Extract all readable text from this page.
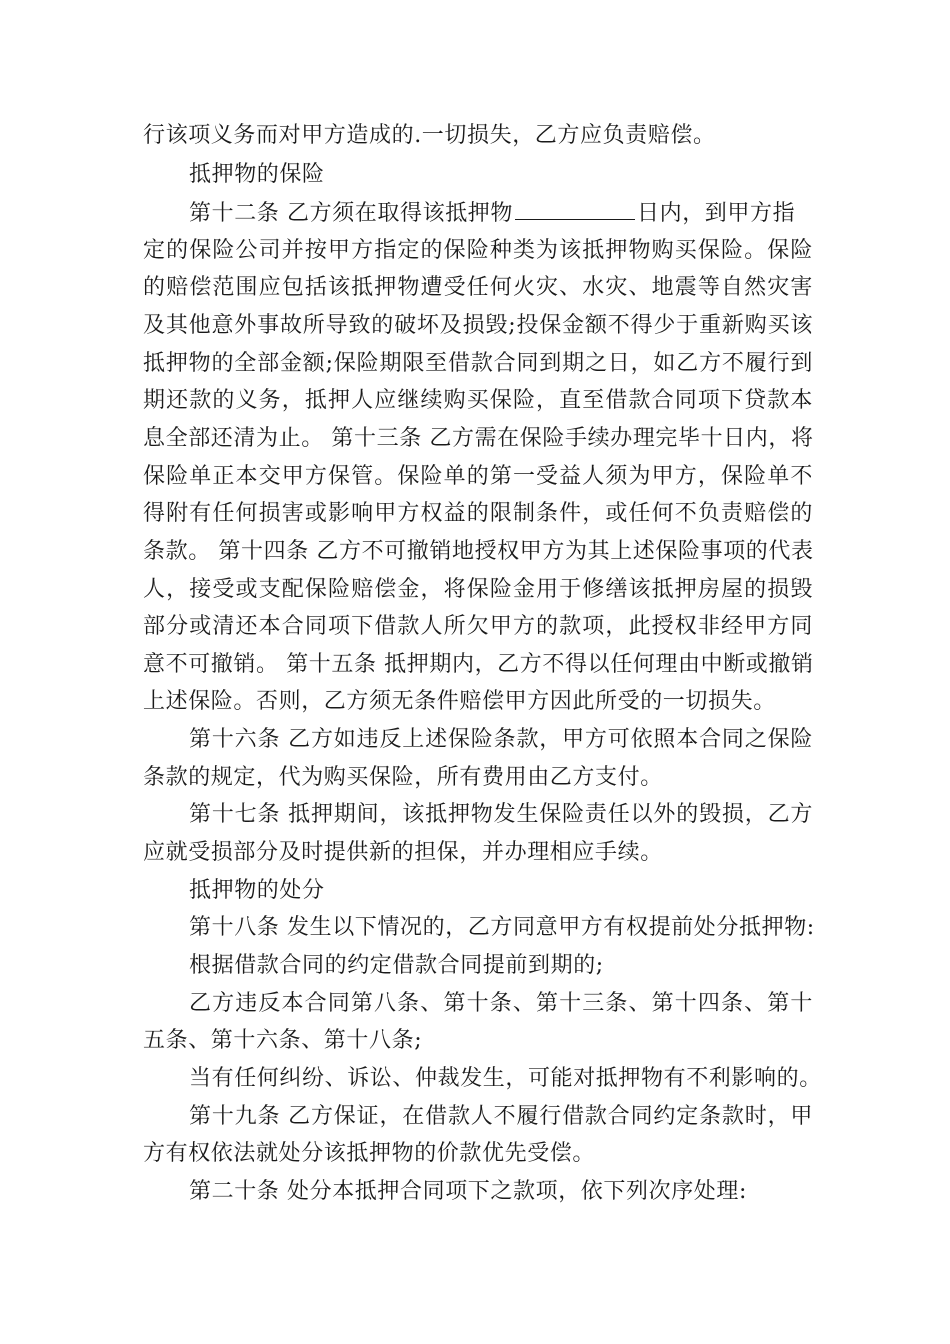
行该项义务而对甲方造成的.一切损失，乙方应负责赔偿。
抵押物的保险
第十二条 乙方须在取得该抵押物	日内，到甲方指
定的保险公司并按甲方指定的保险种类为该抵押物购买保险。保险
的赔偿范围应包括该抵押物遭受任何火灾、水灾、地震等自然灾害
及其他意外事故所导致的破坏及损毁;投保金额不得少于重新购买该
抵押物的全部金额;保险期限至借款合同到期之日，如乙方不履行到
期还款的义务，抵押人应继续购买保险，直至借款合同项下贷款本
息全部还清为止。 第十三条 乙方需在保险手续办理完毕十日内，将
保险单正本交甲方保管。保险单的第一受益人须为甲方，保险单不
得附有任何损害或影响甲方权益的限制条件，或任何不负责赔偿的
条款。 第十四条 乙方不可撤销地授权甲方为其上述保险事项的代表
人，接受或支配保险赔偿金，将保险金用于修缮该抵押房屋的损毁
部分或清还本合同项下借款人所欠甲方的款项，此授权非经甲方同
意不可撤销。 第十五条 抵押期内，乙方不得以任何理由中断或撤销
上述保险。否则，乙方须无条件赔偿甲方因此所受的一切损失。
第十六条 乙方如违反上述保险条款，甲方可依照本合同之保险
条款的规定，代为购买保险，所有费用由乙方支付。
第十七条 抵押期间，该抵押物发生保险责任以外的毁损，乙方
应就受损部分及时提供新的担保，并办理相应手续。
抵押物的处分
第十八条 发生以下情况的，乙方同意甲方有权提前处分抵押物:
根据借款合同的约定借款合同提前到期的;
乙方违反本合同第八条、第十条、第十三条、第十四条、第十
五条、第十六条、第十八条;
当有任何纠纷、诉讼、仲裁发生，可能对抵押物有不利影响的。
第十九条 乙方保证，在借款人不履行借款合同约定条款时，甲
方有权依法就处分该抵押物的价款优先受偿。
第二十条 处分本抵押合同项下之款项，依下列次序处理:
